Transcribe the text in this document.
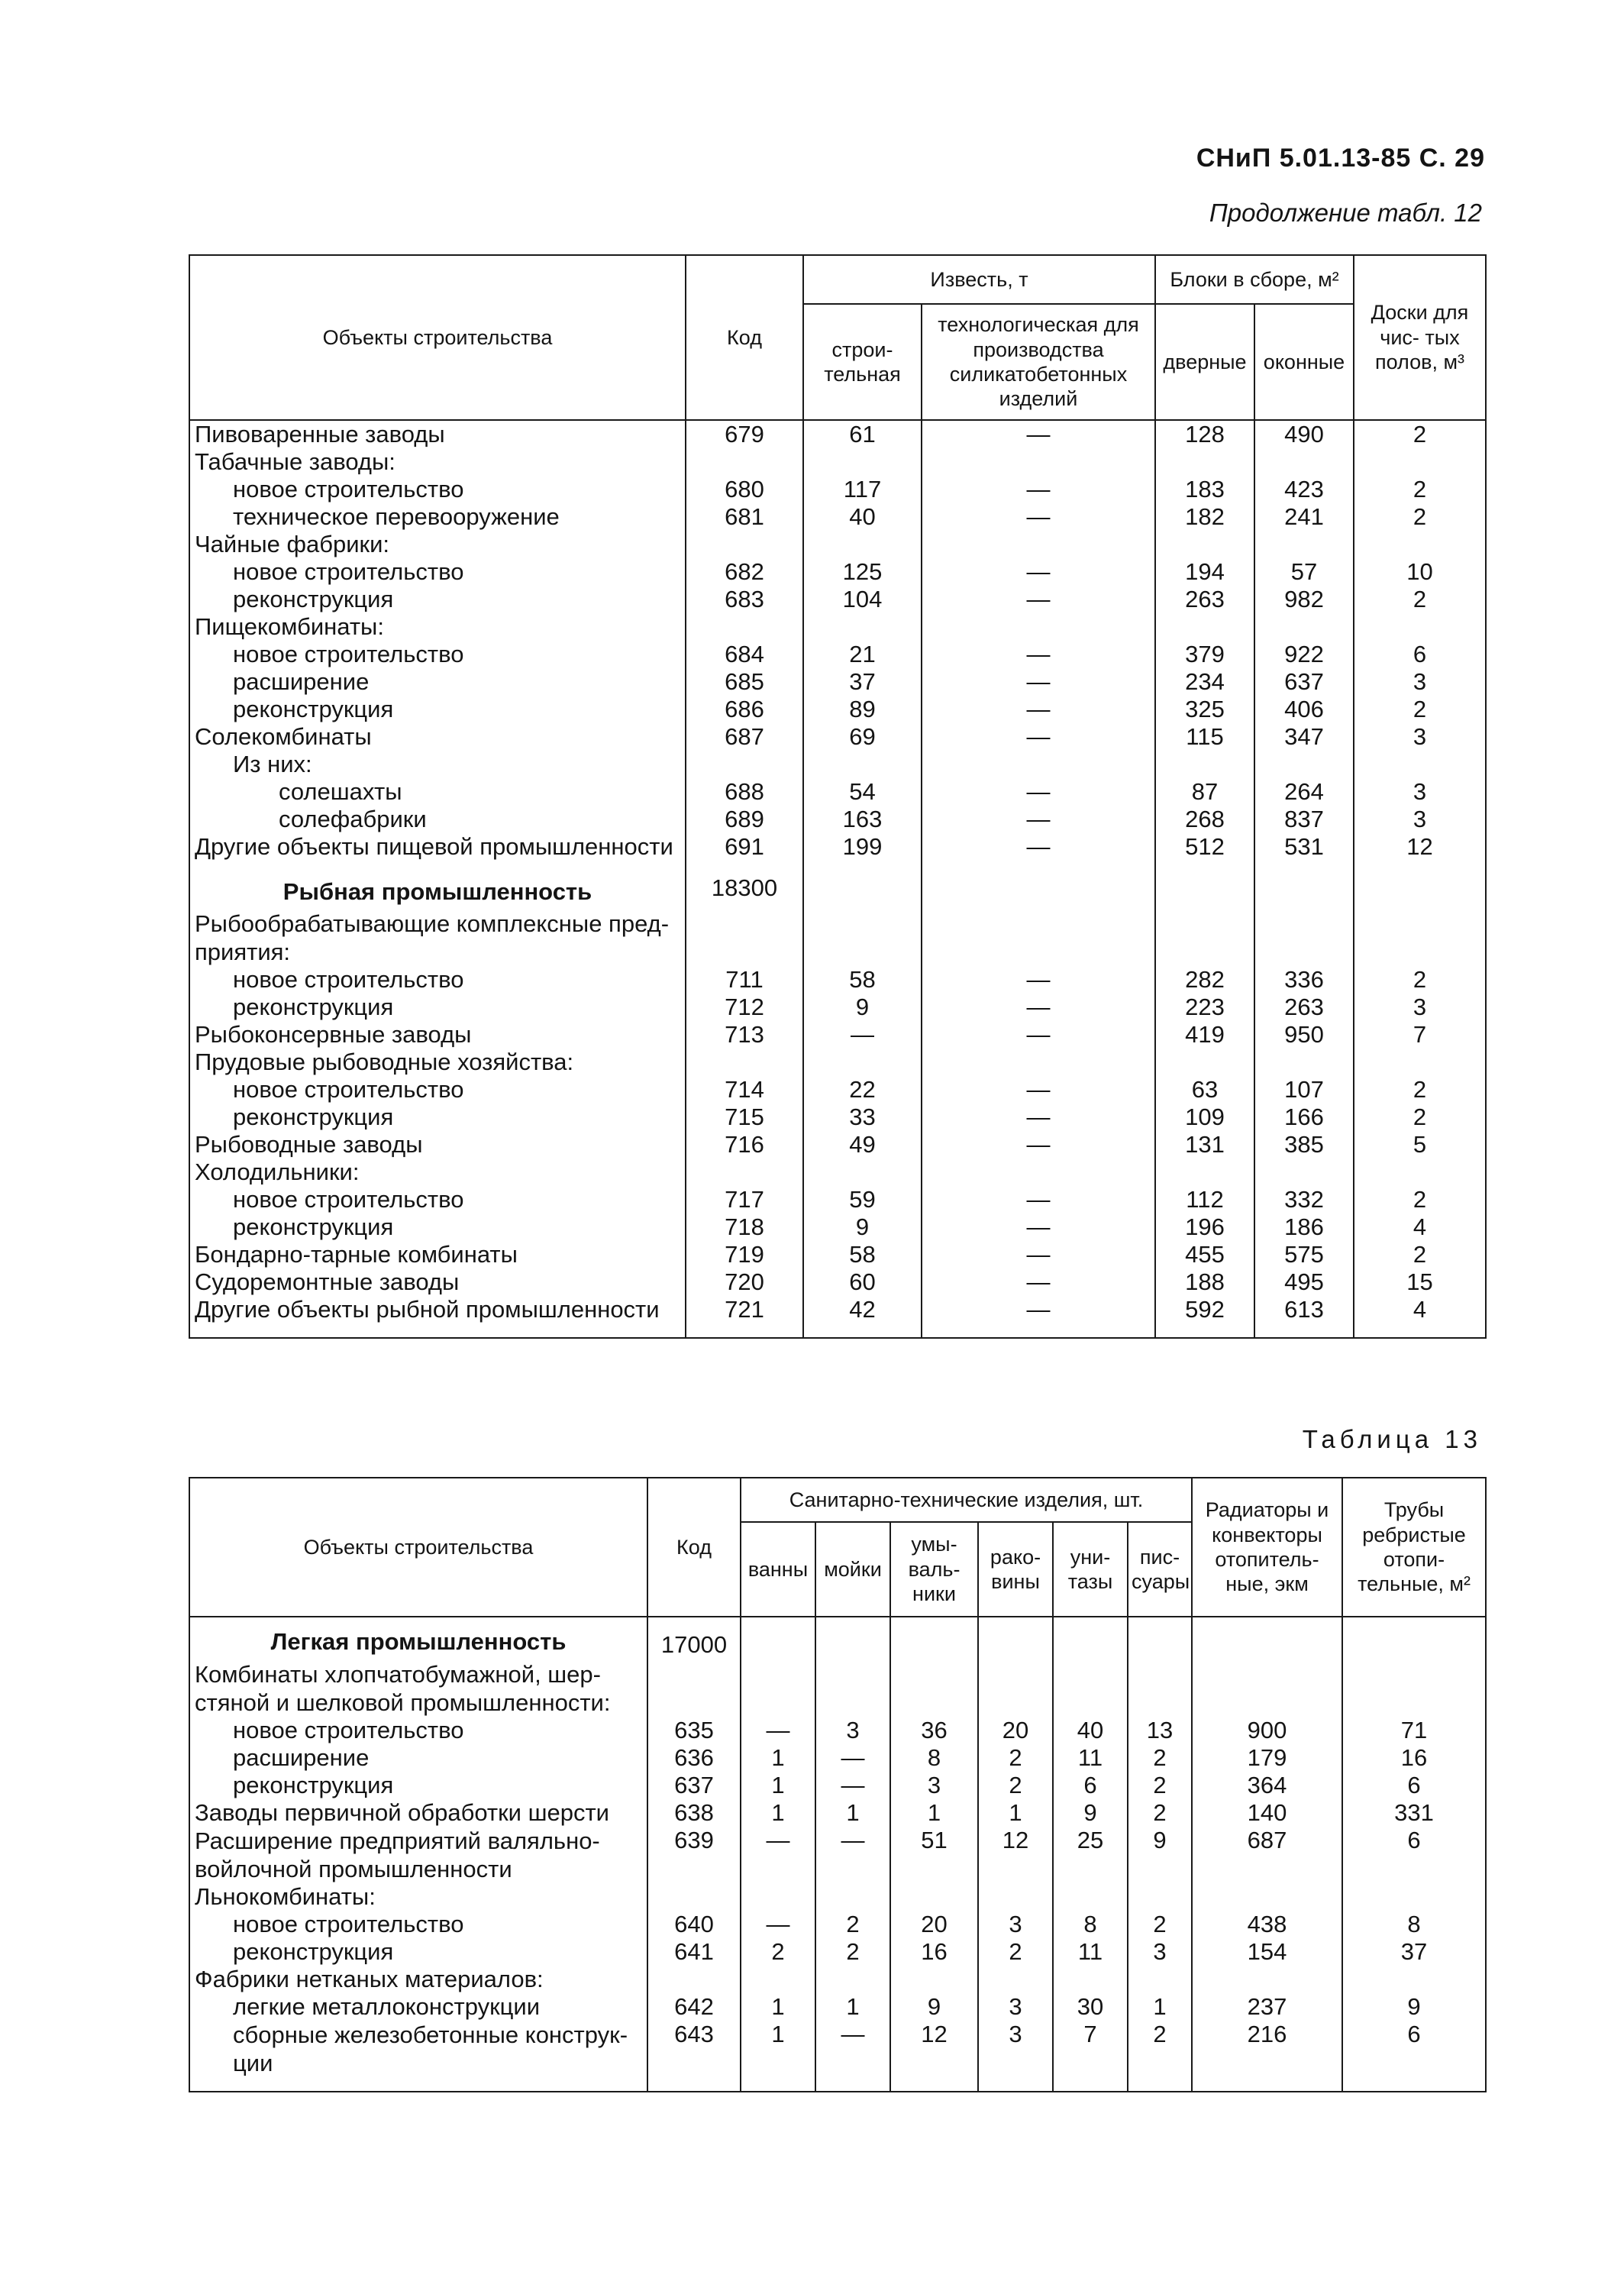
СНиП 5.01.13-85 С. 29
Продолжение табл. 12
Объекты строительства	Код	Известь, т		Блоки в сборе, м²		Доски для чис- тых полов, м³
		строи- тельная	технологическая для производства силикатобетонных изделий	дверные	оконные	
Пивоваренные заводы	679	61	—	128	490	2
Табачные заводы:						
новое строительство	680	117	—	183	423	2
техническое перевооружение	681	40	—	182	241	2
Чайные фабрики:						
новое строительство	682	125	—	194	57	10
реконструкция	683	104	—	263	982	2
Пищекомбинаты:						
новое строительство	684	21	—	379	922	6
расширение	685	37	—	234	637	3
реконструкция	686	89	—	325	406	2
Солекомбинаты	687	69	—	115	347	3
Из них:						
солешахты	688	54	—	87	264	3
солефабрики	689	163	—	268	837	3
Другие объекты пищевой промышленности	691	199	—	512	531	12
Рыбная промышленность	18300					
Рыбообрабатывающие комплексные пред- приятия:						
новое строительство	711	58	—	282	336	2
реконструкция	712	9	—	223	263	3
Рыбоконсервные заводы	713	—	—	419	950	7
Прудовые рыбоводные хозяйства:						
новое строительство	714	22	—	63	107	2
реконструкция	715	33	—	109	166	2
Рыбоводные заводы	716	49	—	131	385	5
Холодильники:						
новое строительство	717	59	—	112	332	2
реконструкция	718	9	—	196	186	4
Бондарно-тарные комбинаты	719	58	—	455	575	2
Судоремонтные заводы	720	60	—	188	495	15
Другие объекты рыбной промышленности	721	42	—	592	613	4
Таблица 13
Объекты строительства	Код	Санитарно-технические изделия, шт.						Радиаторы и конвекторы отопитель- ные, экм	Трубы ребристые отопи- тельные, м²
		ванны	мойки	умы- валь- ники	рако- вины	уни- тазы	пис- суары		
Легкая промышленность	17000								
Комбинаты хлопчатобумажной, шер- стяной и шелковой промышленности:									
новое строительство	635	—	3	36	20	40	13	900	71
расширение	636	1	—	8	2	11	2	179	16
реконструкция	637	1	—	3	2	6	2	364	6
Заводы первичной обработки шерсти	638	1	1	1	1	9	2	140	331
Расширение предприятий валяльно- войлочной промышленности	639	—	—	51	12	25	9	687	6
Льнокомбинаты:									
новое строительство	640	—	2	20	3	8	2	438	8
реконструкция	641	2	2	16	2	11	3	154	37
Фабрики нетканых материалов:									
легкие металлоконструкции	642	1	1	9	3	30	1	237	9
сборные железобетонные конструк- ции	643	1	—	12	3	7	2	216	6
